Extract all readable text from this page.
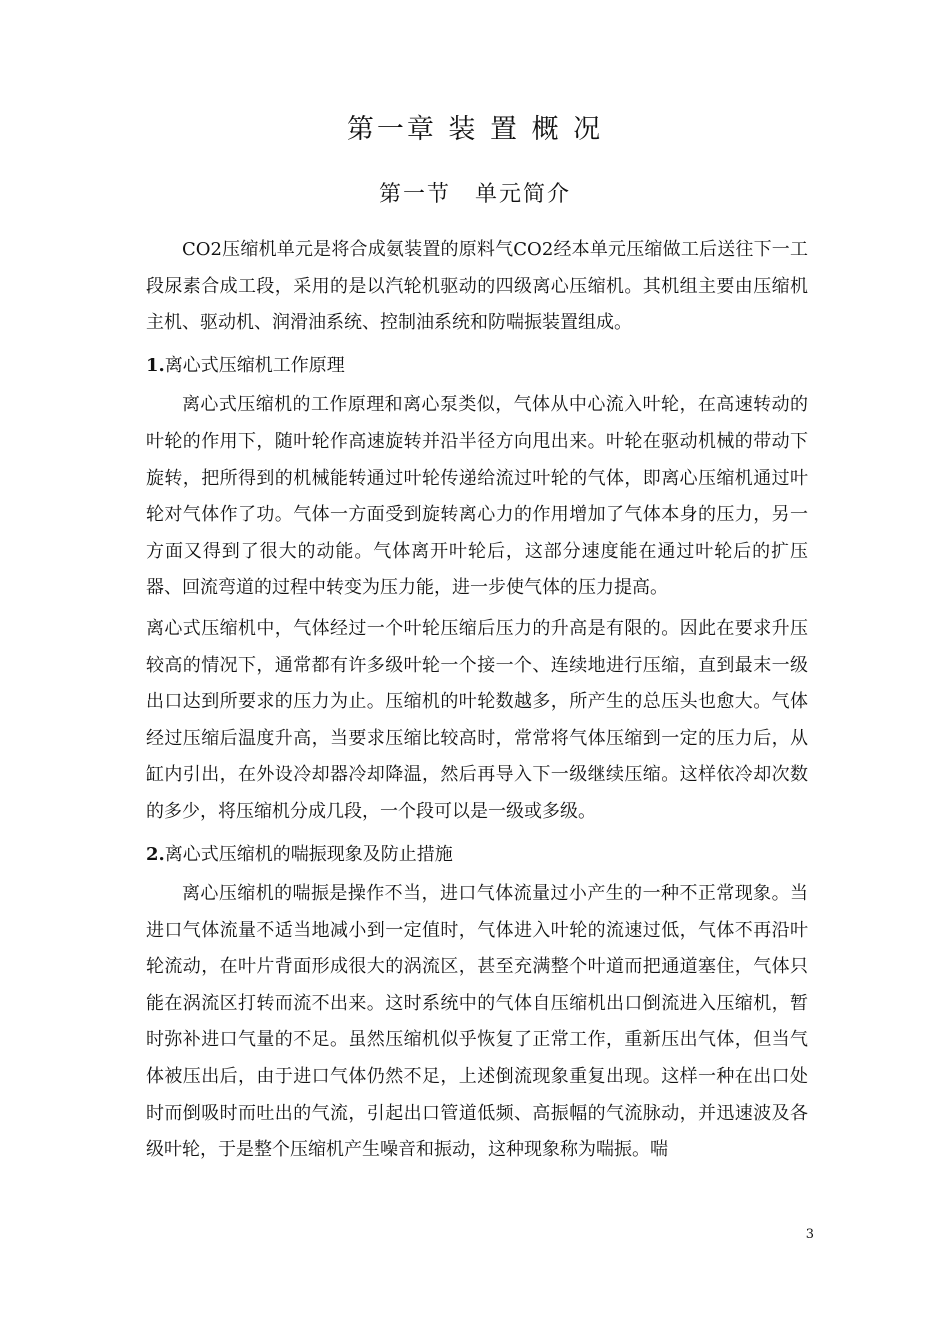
第一章 装 置 概 况
第一节　单元简介

CO2压缩机单元是将合成氨装置的原料气CO2经本单元压缩做工后送往下一工段尿素合成工段，采用的是以汽轮机驱动的四级离心压缩机。其机组主要由压缩机主机、驱动机、润滑油系统、控制油系统和防喘振装置组成。

1.离心式压缩机工作原理

离心式压缩机的工作原理和离心泵类似，气体从中心流入叶轮，在高速转动的叶轮的作用下，随叶轮作高速旋转并沿半径方向甩出来。叶轮在驱动机械的带动下旋转，把所得到的机械能转通过叶轮传递给流过叶轮的气体，即离心压缩机通过叶轮对气体作了功。气体一方面受到旋转离心力的作用增加了气体本身的压力，另一方面又得到了很大的动能。气体离开叶轮后，这部分速度能在通过叶轮后的扩压器、回流弯道的过程中转变为压力能，进一步使气体的压力提高。

离心式压缩机中，气体经过一个叶轮压缩后压力的升高是有限的。因此在要求升压较高的情况下，通常都有许多级叶轮一个接一个、连续地进行压缩，直到最末一级出口达到所要求的压力为止。压缩机的叶轮数越多，所产生的总压头也愈大。气体经过压缩后温度升高，当要求压缩比较高时，常常将气体压缩到一定的压力后，从缸内引出，在外设冷却器冷却降温，然后再导入下一级继续压缩。这样依冷却次数的多少，将压缩机分成几段，一个段可以是一级或多级。

2.离心式压缩机的喘振现象及防止措施

离心压缩机的喘振是操作不当，进口气体流量过小产生的一种不正常现象。当进口气体流量不适当地减小到一定值时，气体进入叶轮的流速过低，气体不再沿叶轮流动，在叶片背面形成很大的涡流区，甚至充满整个叶道而把通道塞住，气体只能在涡流区打转而流不出来。这时系统中的气体自压缩机出口倒流进入压缩机，暂时弥补进口气量的不足。虽然压缩机似乎恢复了正常工作，重新压出气体，但当气体被压出后，由于进口气体仍然不足，上述倒流现象重复出现。这样一种在出口处时而倒吸时而吐出的气流，引起出口管道低频、高振幅的气流脉动，并迅速波及各级叶轮，于是整个压缩机产生噪音和振动，这种现象称为喘振。喘

3
